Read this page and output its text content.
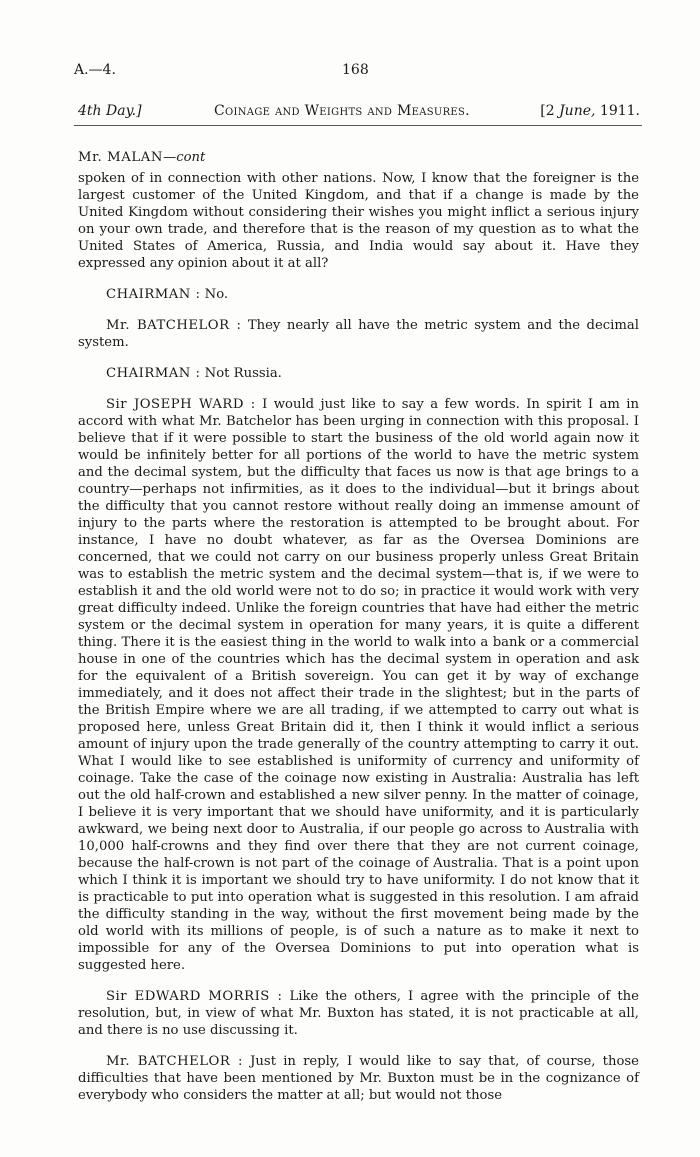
A.—4.	168
4th Day.]	Coinage and Weights and Measures.	[2 June, 1911.

Mr. MALAN—cont

spoken of in connection with other nations. Now, I know that the foreigner is the largest customer of the United Kingdom, and that if a change is made by the United Kingdom without considering their wishes you might inflict a serious injury on your own trade, and therefore that is the reason of my question as to what the United States of America, Russia, and India would say about it. Have they expressed any opinion about it at all?

CHAIRMAN : No.

Mr. BATCHELOR : They nearly all have the metric system and the decimal system.

CHAIRMAN : Not Russia.

Sir JOSEPH WARD : I would just like to say a few words. In spirit I am in accord with what Mr. Batchelor has been urging in connection with this proposal. I believe that if it were possible to start the business of the old world again now it would be infinitely better for all portions of the world to have the metric system and the decimal system, but the difficulty that faces us now is that age brings to a country—perhaps not infirmities, as it does to the individual—but it brings about the difficulty that you cannot restore without really doing an immense amount of injury to the parts where the restoration is attempted to be brought about. For instance, I have no doubt whatever, as far as the Oversea Dominions are concerned, that we could not carry on our business properly unless Great Britain was to establish the metric system and the decimal system—that is, if we were to establish it and the old world were not to do so; in practice it would work with very great difficulty indeed. Unlike the foreign countries that have had either the metric system or the decimal system in operation for many years, it is quite a different thing. There it is the easiest thing in the world to walk into a bank or a commercial house in one of the countries which has the decimal system in operation and ask for the equivalent of a British sovereign. You can get it by way of exchange immediately, and it does not affect their trade in the slightest; but in the parts of the British Empire where we are all trading, if we attempted to carry out what is proposed here, unless Great Britain did it, then I think it would inflict a serious amount of injury upon the trade generally of the country attempting to carry it out. What I would like to see established is uniformity of currency and uniformity of coinage. Take the case of the coinage now existing in Australia: Australia has left out the old half-crown and established a new silver penny. In the matter of coinage, I believe it is very important that we should have uniformity, and it is particularly awkward, we being next door to Australia, if our people go across to Australia with 10,000 half-crowns and they find over there that they are not current coinage, because the half-crown is not part of the coinage of Australia. That is a point upon which I think it is important we should try to have uniformity. I do not know that it is practicable to put into operation what is suggested in this resolution. I am afraid the difficulty standing in the way, without the first movement being made by the old world with its millions of people, is of such a nature as to make it next to impossible for any of the Oversea Dominions to put into operation what is suggested here.

Sir EDWARD MORRIS : Like the others, I agree with the principle of the resolution, but, in view of what Mr. Buxton has stated, it is not practicable at all, and there is no use discussing it.

Mr. BATCHELOR : Just in reply, I would like to say that, of course, those difficulties that have been mentioned by Mr. Buxton must be in the cognizance of everybody who considers the matter at all; but would not those
